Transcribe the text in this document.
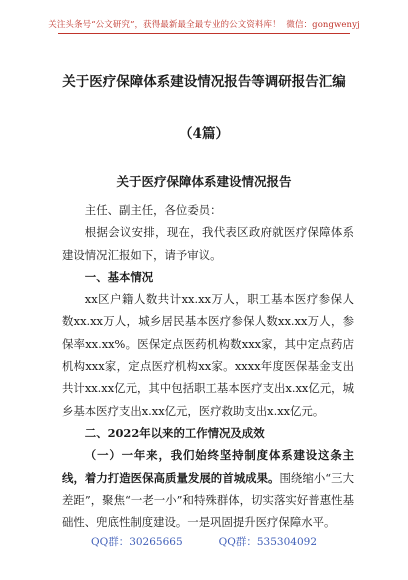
关注头条号“公文研究”，获得最新最全最专业的公文资料库！ 微信：gongwenyj
关于医疗保障体系建设情况报告等调研报告汇编
（4篇）
关于医疗保障体系建设情况报告

主任、副主任，各位委员：

根据会议安排，现在，我代表区政府就医疗保障体系建设情况汇报如下，请予审议。

一、基本情况

xx区户籍人数共计xx.xx万人，职工基本医疗参保人数xx.xx万人，城乡居民基本医疗参保人数xx.xx万人，参保率xx.xx%。医保定点医药机构数xxx家，其中定点药店机构xxx家，定点医疗机构xx家。xxxx年度医保基金支出共计xx.xx亿元，其中包括职工基本医疗支出x.xx亿元，城乡基本医疗支出x.xx亿元，医疗救助支出x.xx亿元。

二、2022年以来的工作情况及成效

（一）一年来，我们始终坚持制度体系建设这条主线，着力打造医保高质量发展的首城成果。围绕缩小“三大差距”，聚焦“一老一小”和特殊群体，切实落实好普惠性基础性、兜底性制度建设。一是巩固提升医疗保障水平。

QQ群：30265665	QQ群：535304092
